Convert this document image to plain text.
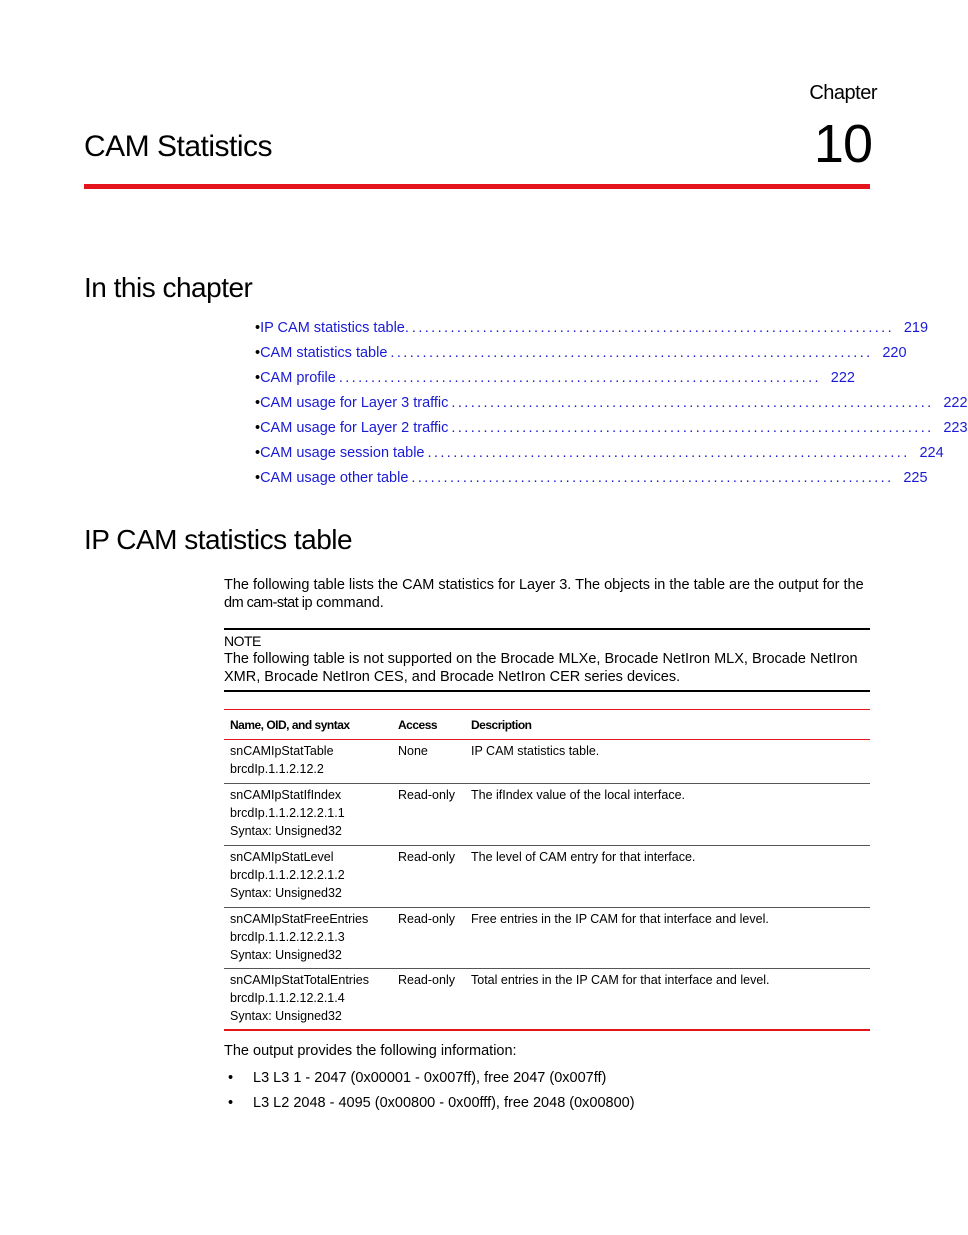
Chapter
10
CAM Statistics
In this chapter
• IP CAM statistics table. ........................................................................... 219
• CAM statistics table ........................................................................... 220
• CAM profile ........................................................................... 222
• CAM usage for Layer 3 traffic ........................................................................... 222
• CAM usage for Layer 2 traffic ........................................................................... 223
• CAM usage session table ........................................................................... 224
• CAM usage other table ........................................................................... 225
IP CAM statistics table

The following table lists the CAM statistics for Layer 3. The objects in the table are the output for the dm cam-stat ip command.

NOTE
The following table is not supported on the Brocade MLXe, Brocade NetIron MLX, Brocade NetIron XMR, Brocade NetIron CES, and Brocade NetIron CER series devices.
Name, OID, and syntax	Access	Description
snCAMIpStatTable
brcdIp.1.1.2.12.2
None	IP CAM statistics table.
snCAMIpStatIfIndex
brcdIp.1.1.2.12.2.1.1
Syntax: Unsigned32
Read-only	The ifIndex value of the local interface.
snCAMIpStatLevel
brcdIp.1.1.2.12.2.1.2
Syntax: Unsigned32
Read-only	The level of CAM entry for that interface.
snCAMIpStatFreeEntries
brcdIp.1.1.2.12.2.1.3
Syntax: Unsigned32
Read-only	Free entries in the IP CAM for that interface and level.
snCAMIpStatTotalEntries
brcdIp.1.1.2.12.2.1.4
Syntax: Unsigned32
Read-only	Total entries in the IP CAM for that interface and level.

The output provides the following information:

•	L3 L3 1 - 2047 (0x00001 - 0x007ff), free 2047 (0x007ff)
•	L3 L2 2048 - 4095 (0x00800 - 0x00fff), free 2048 (0x00800)
